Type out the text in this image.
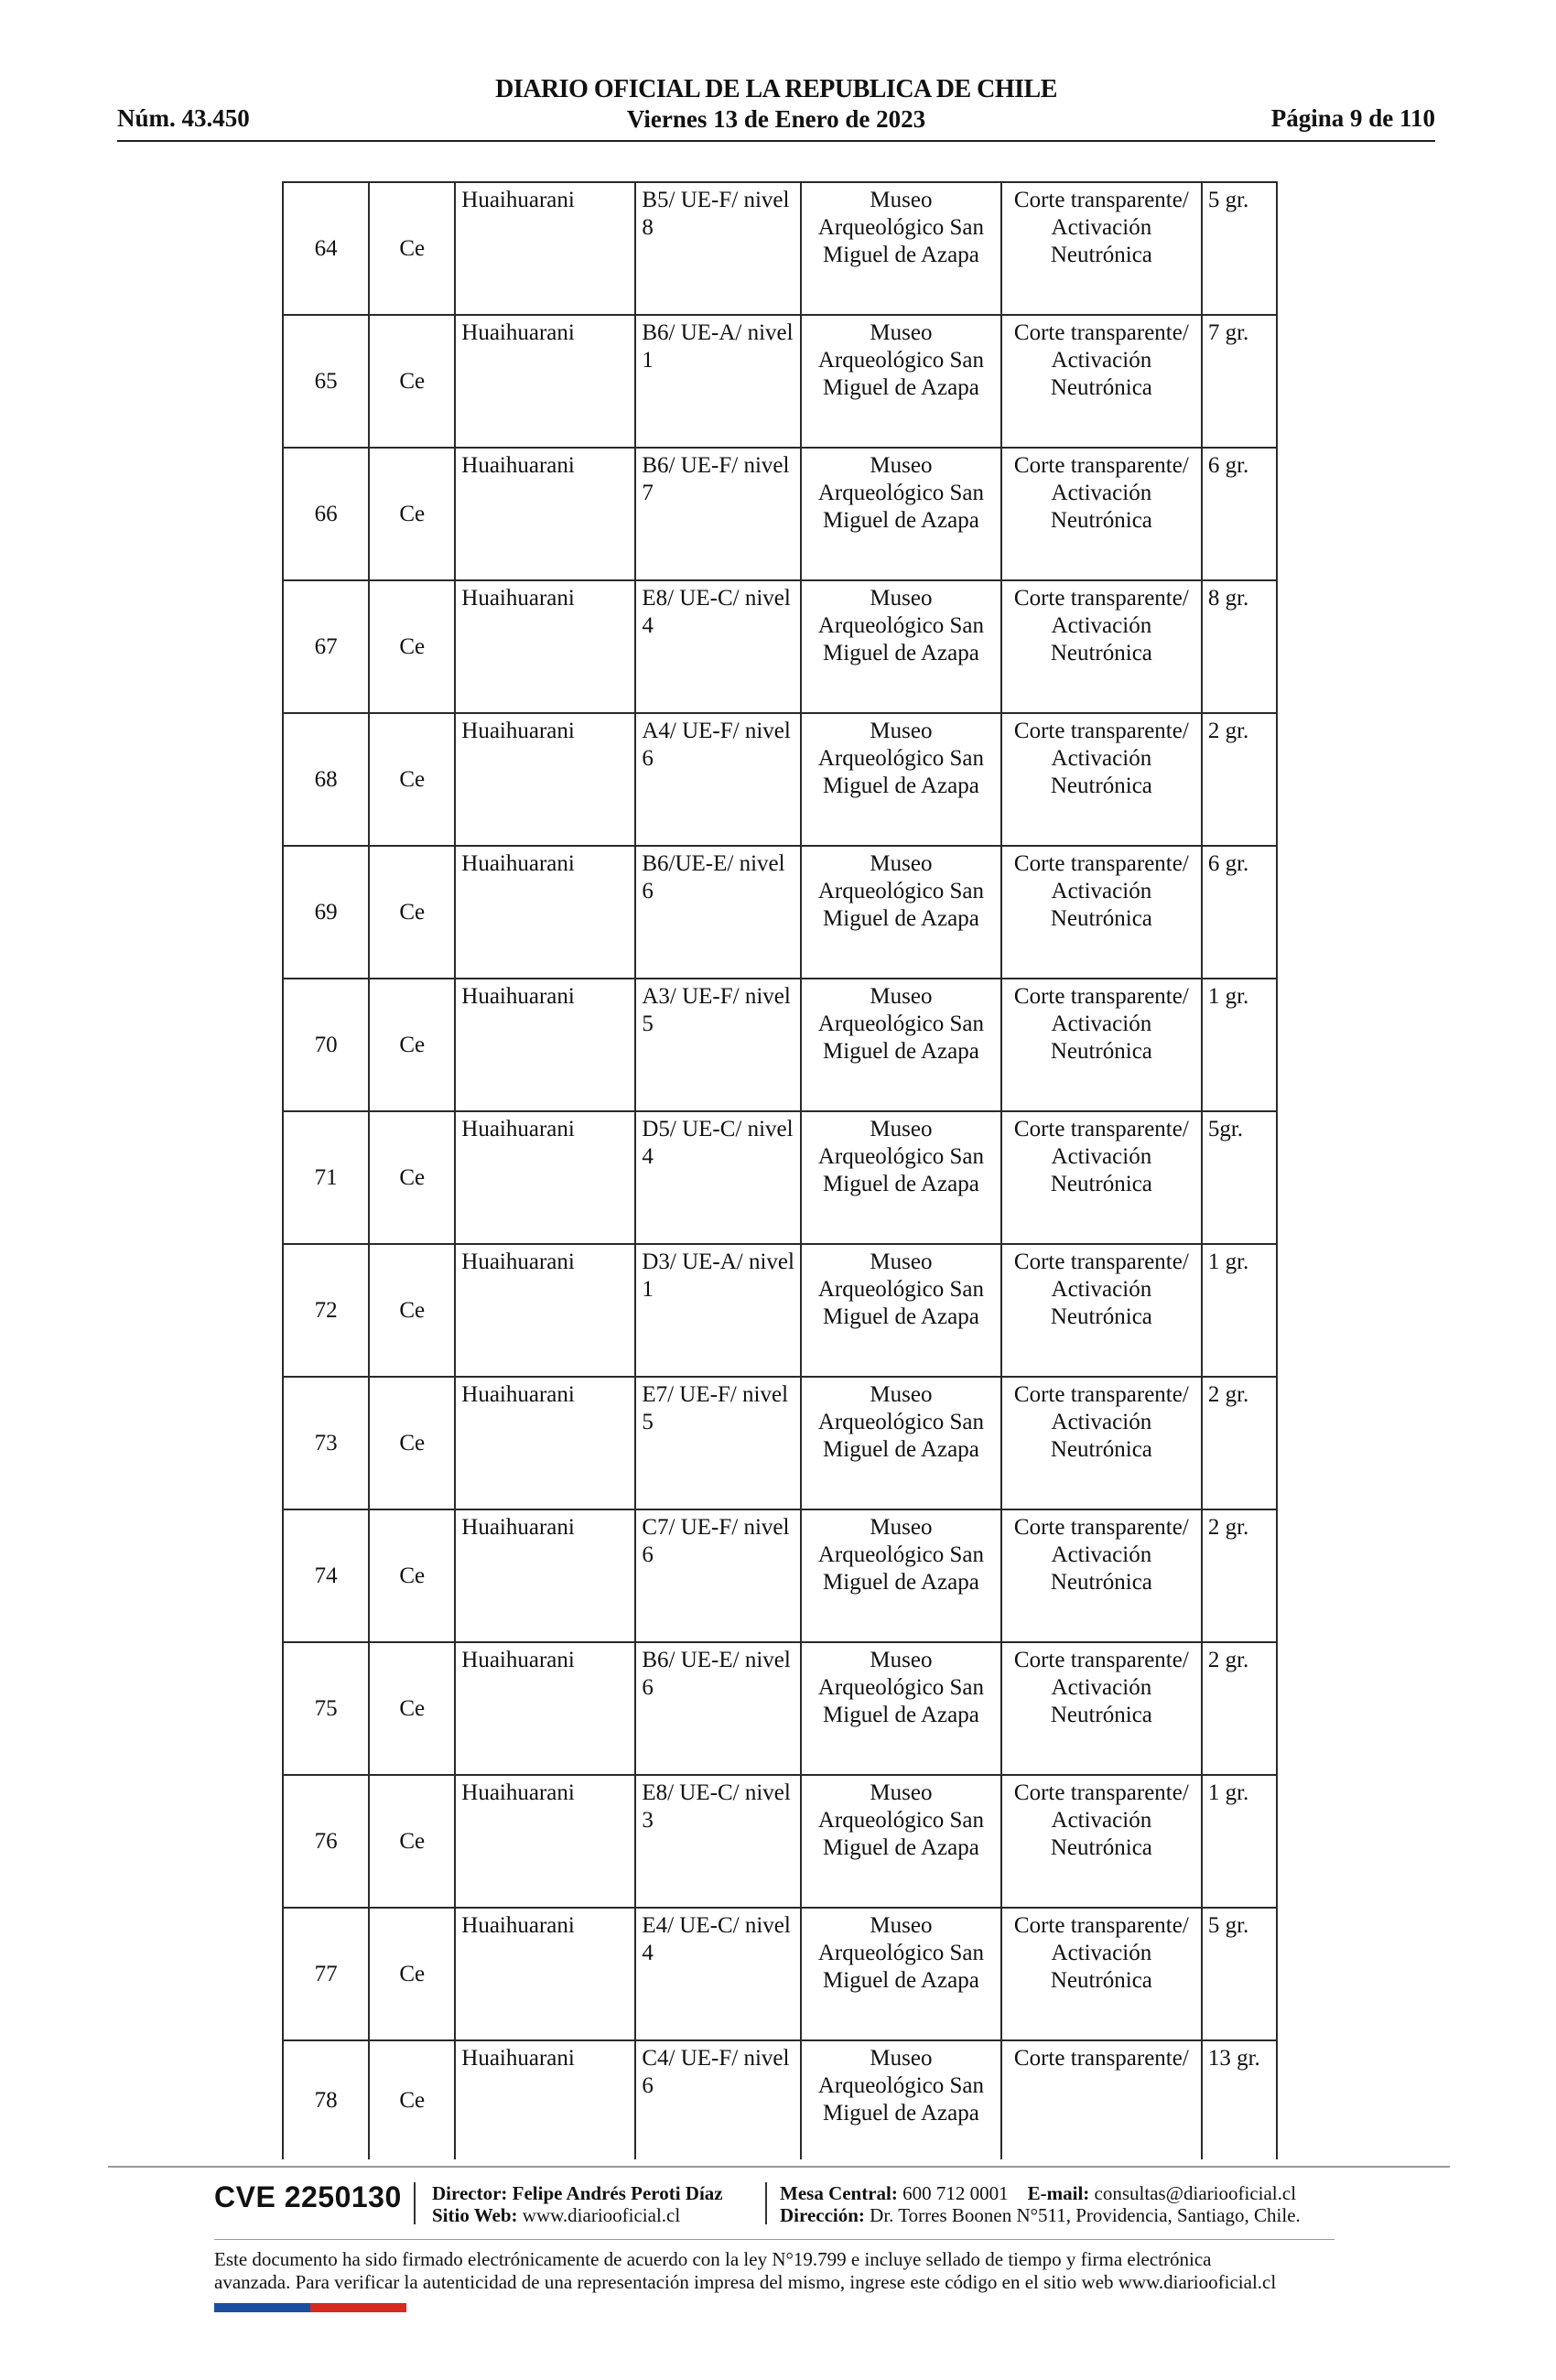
Núm. 43.450
DIARIO OFICIAL DE LA REPUBLICA DE CHILE
Viernes 13 de Enero de 2023	Página 9 de 110
64	Ce	Huaihuarani	B5/ UE-F/ nivel 8	Museo Arqueológico San Miguel de Azapa	Corte transparente/ Activación Neutrónica	5 gr.
65	Ce	Huaihuarani	B6/ UE-A/ nivel 1	Museo Arqueológico San Miguel de Azapa	Corte transparente/ Activación Neutrónica	7 gr.
66	Ce	Huaihuarani	B6/ UE-F/ nivel 7	Museo Arqueológico San Miguel de Azapa	Corte transparente/ Activación Neutrónica	6 gr.
67	Ce	Huaihuarani	E8/ UE-C/ nivel 4	Museo Arqueológico San Miguel de Azapa	Corte transparente/ Activación Neutrónica	8 gr.
68	Ce	Huaihuarani	A4/ UE-F/ nivel 6	Museo Arqueológico San Miguel de Azapa	Corte transparente/ Activación Neutrónica	2 gr.
69	Ce	Huaihuarani	B6/UE-E/ nivel 6	Museo Arqueológico San Miguel de Azapa	Corte transparente/ Activación Neutrónica	6 gr.
70	Ce	Huaihuarani	A3/ UE-F/ nivel 5	Museo Arqueológico San Miguel de Azapa	Corte transparente/ Activación Neutrónica	1 gr.
71	Ce	Huaihuarani	D5/ UE-C/ nivel 4	Museo Arqueológico San Miguel de Azapa	Corte transparente/ Activación Neutrónica	5gr.
72	Ce	Huaihuarani	D3/ UE-A/ nivel 1	Museo Arqueológico San Miguel de Azapa	Corte transparente/ Activación Neutrónica	1 gr.
73	Ce	Huaihuarani	E7/ UE-F/ nivel 5	Museo Arqueológico San Miguel de Azapa	Corte transparente/ Activación Neutrónica	2 gr.
74	Ce	Huaihuarani	C7/ UE-F/ nivel 6	Museo Arqueológico San Miguel de Azapa	Corte transparente/ Activación Neutrónica	2 gr.
75	Ce	Huaihuarani	B6/ UE-E/ nivel 6	Museo Arqueológico San Miguel de Azapa	Corte transparente/ Activación Neutrónica	2 gr.
76	Ce	Huaihuarani	E8/ UE-C/ nivel 3	Museo Arqueológico San Miguel de Azapa	Corte transparente/ Activación Neutrónica	1 gr.
77	Ce	Huaihuarani	E4/ UE-C/ nivel 4	Museo Arqueológico San Miguel de Azapa	Corte transparente/ Activación Neutrónica	5 gr.
78	Ce	Huaihuarani	C4/ UE-F/ nivel 6	Museo Arqueológico San Miguel de Azapa	Corte transparente/	13 gr.
CVE 2250130 Director: Felipe Andrés Peroti Díaz
Sitio Web: www.diariooficial.cl
Mesa Central: 600 712 0001 E-mail: consultas@diariooficial.cl
Dirección: Dr. Torres Boonen N°511, Providencia, Santiago, Chile.
Este documento ha sido firmado electrónicamente de acuerdo con la ley N°19.799 e incluye sellado de tiempo y firma electrónica
avanzada. Para verificar la autenticidad de una representación impresa del mismo, ingrese este código en el sitio web www.diariooficial.cl
